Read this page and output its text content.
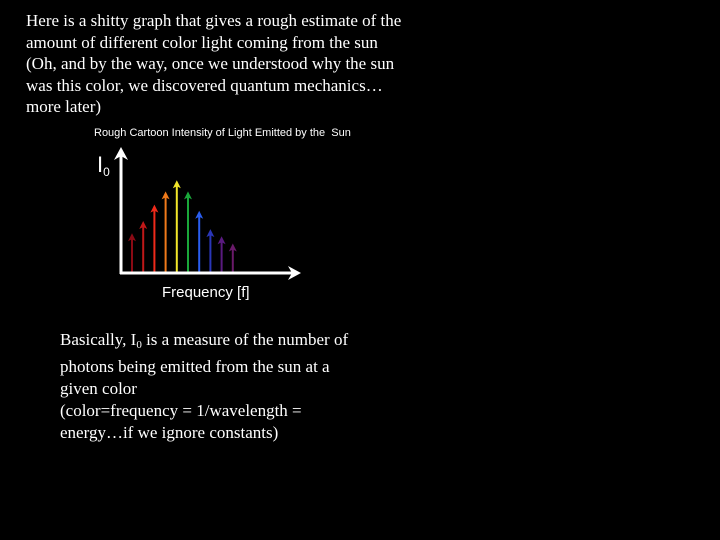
Here is a shitty graph that gives a rough estimate of the
amount of different color light coming from the sun
(Oh, and by the way, once we understood why the sun
was this color, we discovered quantum mechanics…
more later)
Rough Cartoon Intensity of Light Emitted by the  Sun
$I_0$
Frequency [f]
Basically, $I_0$ is a measure of the number of
photons being emitted from the sun at a
given color
(color=frequency = 1/wavelength =
energy…if we ignore constants)
